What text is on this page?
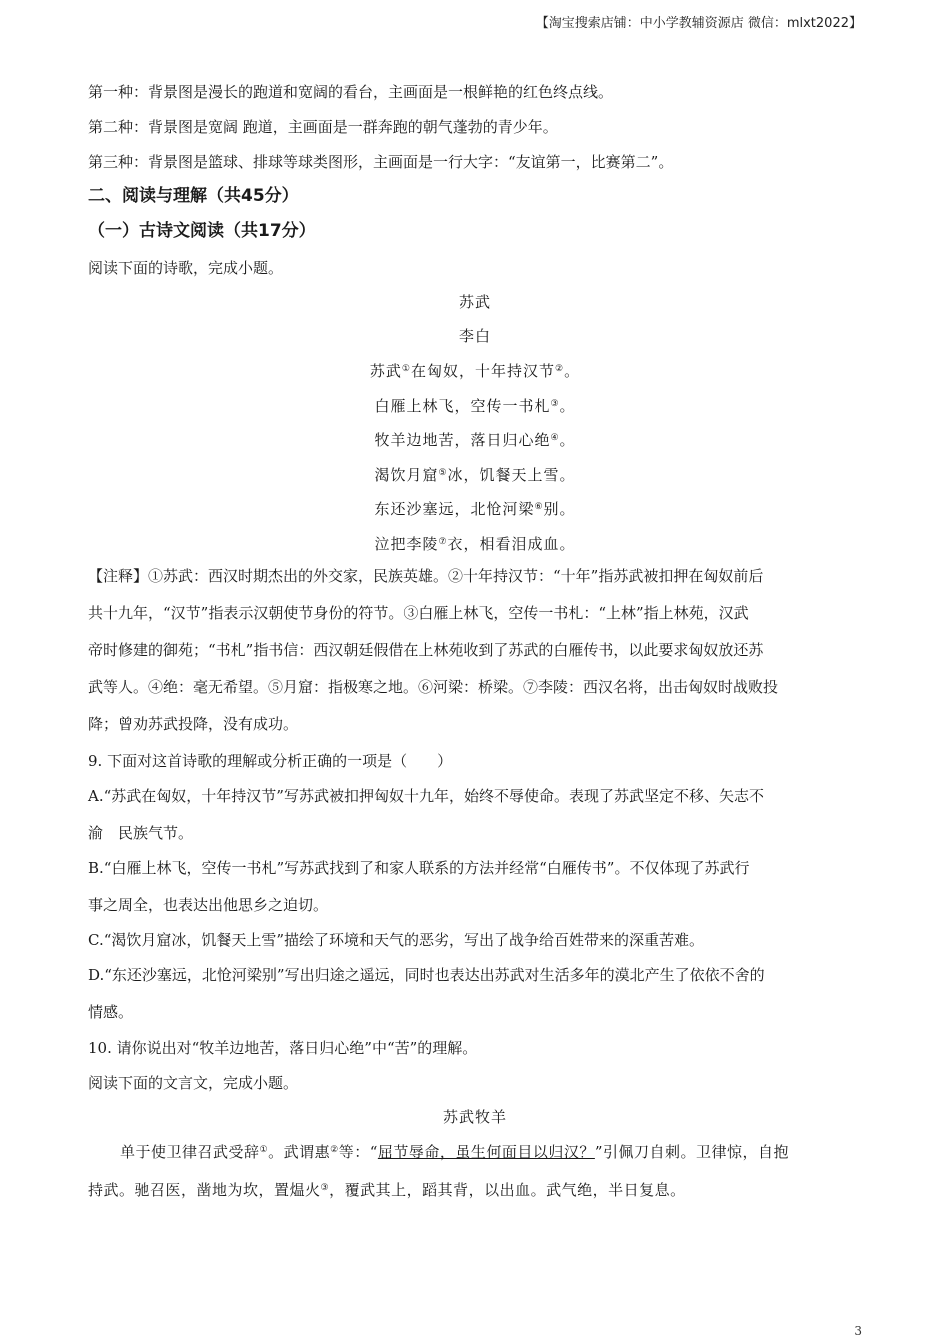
【淘宝搜索店铺：中小学教辅资源店 微信：mlxt2022】

第一种：背景图是漫长的跑道和宽阔的看台，主画面是一根鲜艳的红色终点线。

第二种：背景图是宽阔 跑道，主画面是一群奔跑的朝气蓬勃的青少年。

第三种：背景图是篮球、排球等球类图形，主画面是一行大字：“友谊第一，比赛第二”。

二、阅读与理解（共45分）

（一）古诗文阅读（共17分）

阅读下面的诗歌，完成小题。

苏武
李白
苏武①在匈奴，十年持汉节②。
白雁上林飞，空传一书札③。
牧羊边地苦，落日归心绝④。
渴饮月窟⑤冰，饥餐天上雪。
东还沙塞远，北怆河梁⑥别。
泣把李陵⑦衣，相看泪成血。

【注释】①苏武：西汉时期杰出的外交家，民族英雄。②十年持汉节：“十年”指苏武被扣押在匈奴前后

共十九年，“汉节”指表示汉朝使节身份的符节。③白雁上林飞，空传一书札：“上林”指上林苑，汉武

帝时修建的御苑；“书札”指书信：西汉朝廷假借在上林苑收到了苏武的白雁传书，以此要求匈奴放还苏

武等人。④绝：毫无希望。⑤月窟：指极寒之地。⑥河梁：桥梁。⑦李陵：西汉名将，出击匈奴时战败投

降；曾劝苏武投降，没有成功。

9. 下面对这首诗歌的理解或分析正确的一项是（　　）

A.“苏武在匈奴，十年持汉节”写苏武被扣押匈奴十九年，始终不辱使命。表现了苏武坚定不移、矢志不

渝　民族气节。

B.“白雁上林飞，空传一书札”写苏武找到了和家人联系的方法并经常“白雁传书”。不仅体现了苏武行

事之周全，也表达出他思乡之迫切。

C.“渴饮月窟冰，饥餐天上雪”描绘了环境和天气的恶劣，写出了战争给百姓带来的深重苦难。

D.“东还沙塞远，北怆河梁别”写出归途之遥远，同时也表达出苏武对生活多年的漠北产生了依依不舍的

情感。

10. 请你说出对“牧羊边地苦，落日归心绝”中“苦”的理解。

阅读下面的文言文，完成小题。

苏武牧羊

单于使卫律召武受辞①。武谓惠②等：“屈节辱命，虽生何面目以归汉？”引佩刀自刺。卫律惊，自抱

持武。驰召医，凿地为坎，置煴火③，覆武其上，蹈其背，以出血。武气绝，半日复息。

3
